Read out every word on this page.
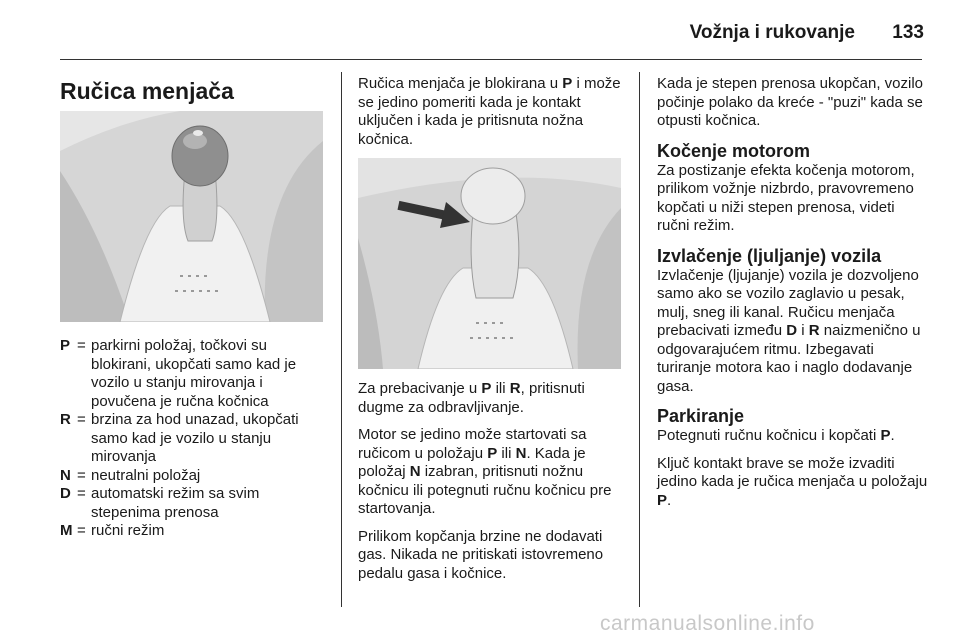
Vožnja i rukovanje	133
Ručica menjača
P = parkirni položaj, točkovi su blokirani, ukopčati samo kad je vozilo u stanju mirovanja i povučena je ručna kočnica
R = brzina za hod unazad, ukopčati samo kad je vozilo u stanju mirovanja
N = neutralni položaj
D = automatski režim sa svim stepenima prenosa
M = ručni režim

Ručica menjača je blokirana u P i može se jedino pomeriti kada je kontakt uključen i kada je pritisnuta nožna kočnica.

Za prebacivanje u P ili R, pritisnuti dugme za odbravljivanje.

Motor se jedino može startovati sa ručicom u položaju P ili N. Kada je položaj N izabran, pritisnuti nožnu kočnicu ili potegnuti ručnu kočnicu pre startovanja.

Prilikom kopčanja brzine ne dodavati gas. Nikada ne pritiskati istovremeno pedalu gasa i kočnice.

Kada je stepen prenosa ukopčan, vozilo počinje polako da kreće - "puzi" kada se otpusti kočnica.

Kočenje motorom

Za postizanje efekta kočenja motorom, prilikom vožnje nizbrdo, pravovremeno kopčati u niži stepen prenosa, videti ručni režim.

Izvlačenje (ljuljanje) vozila

Izvlačenje (ljujanje) vozila je dozvoljeno samo ako se vozilo zaglavio u pesak, mulj, sneg ili kanal. Ručicu menjača prebacivati između D i R naizmenično u odgovarajućem ritmu. Izbegavati turiranje motora kao i naglo dodavanje gasa.

Parkiranje

Potegnuti ručnu kočnicu i kopčati P.

Ključ kontakt brave se može izvaditi jedino kada je ručica menjača u položaju P.

carmanualsonline.info
